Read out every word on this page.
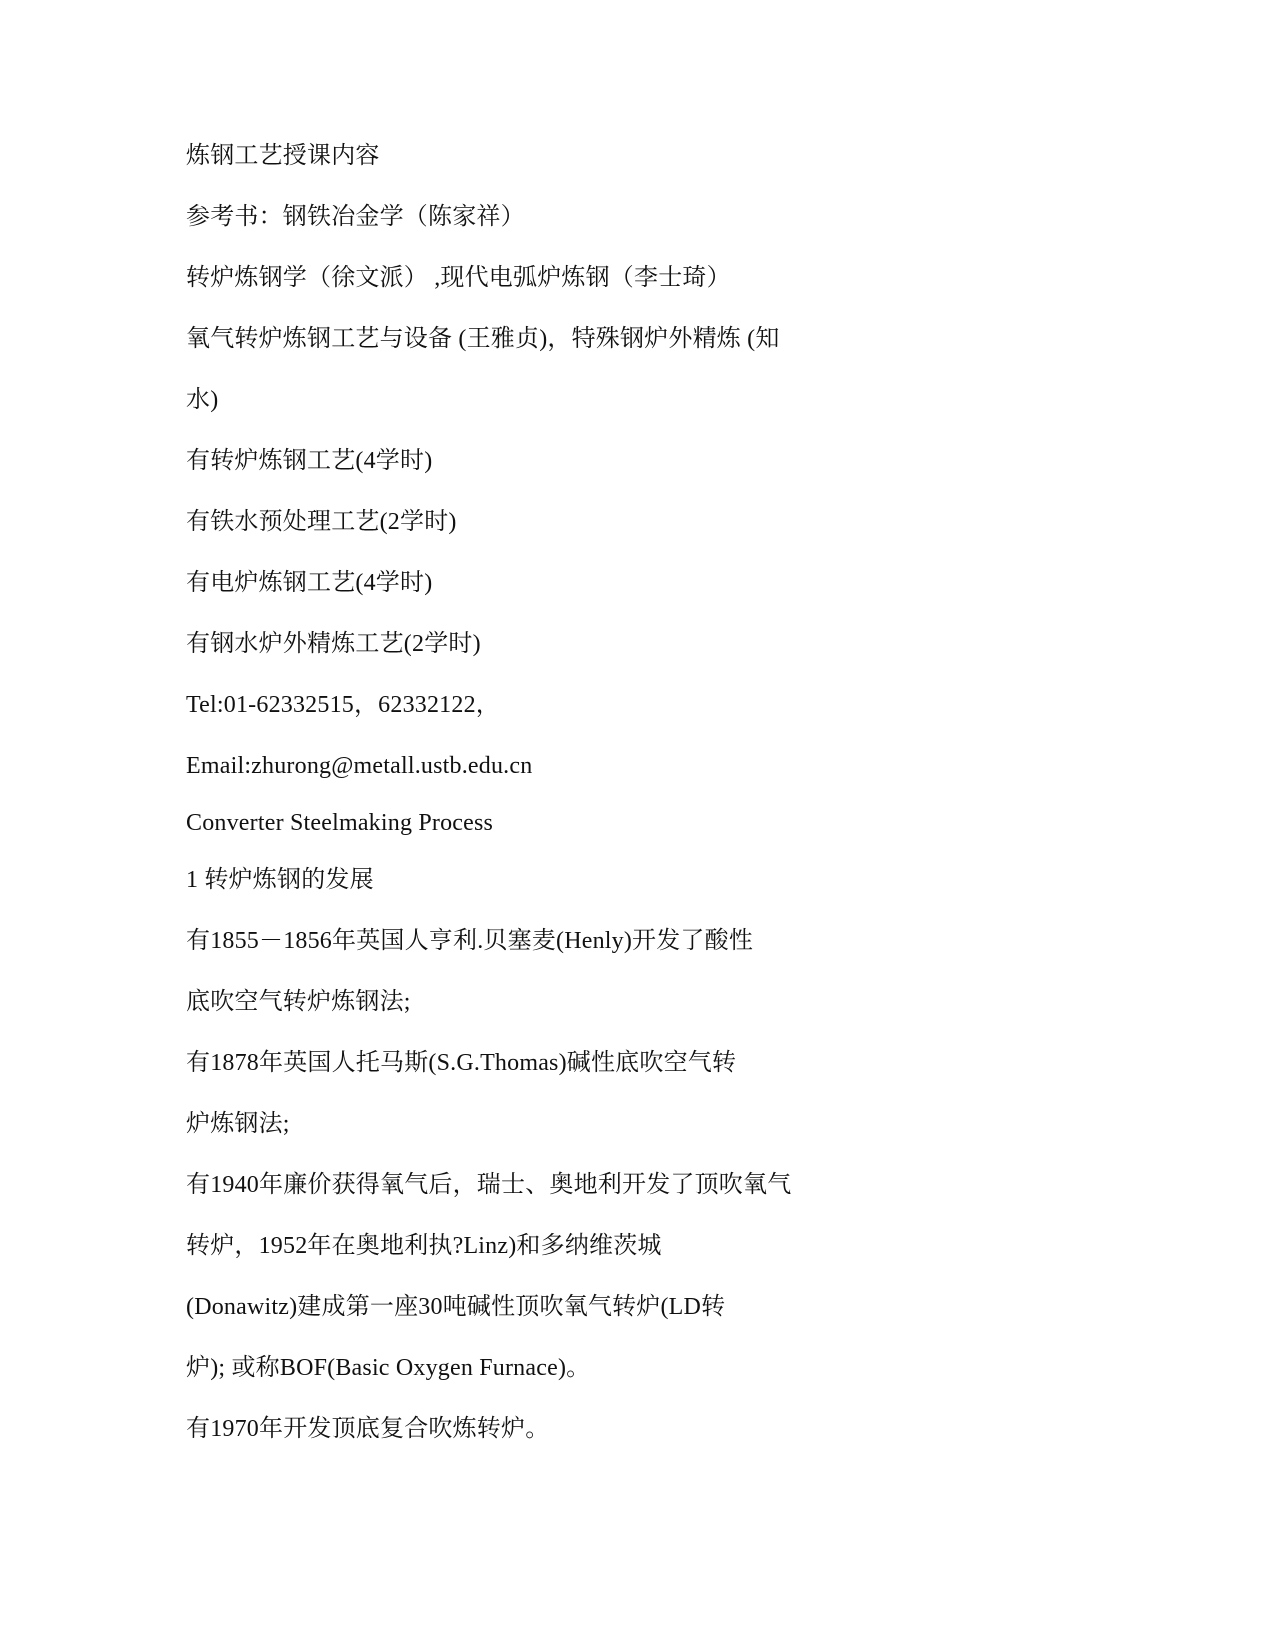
炼钢工艺授课内容
参考书：钢铁冶金学（陈家祥）
转炉炼钢学（徐文派） ,现代电弧炉炼钢（李士琦）
氧气转炉炼钢工艺与设备 (王雅贞)，特殊钢炉外精炼 (知
水)
有转炉炼钢工艺(4学时)
有铁水预处理工艺(2学时)
有电炉炼钢工艺(4学时)
有钢水炉外精炼工艺(2学时)
Tel:01-62332515，62332122，
Email:zhurong@metall.ustb.edu.cn
Converter Steelmaking Process
1 转炉炼钢的发展
有1855－1856年英国人亨利.贝塞麦(Henly)开发了酸性
底吹空气转炉炼钢法;
有1878年英国人托马斯(S.G.Thomas)碱性底吹空气转
炉炼钢法;
有1940年廉价获得氧气后，瑞士、奥地利开发了顶吹氧气
转炉，1952年在奥地利执?Linz)和多纳维茨城
(Donawitz)建成第一座30吨碱性顶吹氧气转炉(LD转
炉); 或称BOF(Basic Oxygen Furnace)。
有1970年开发顶底复合吹炼转炉。
